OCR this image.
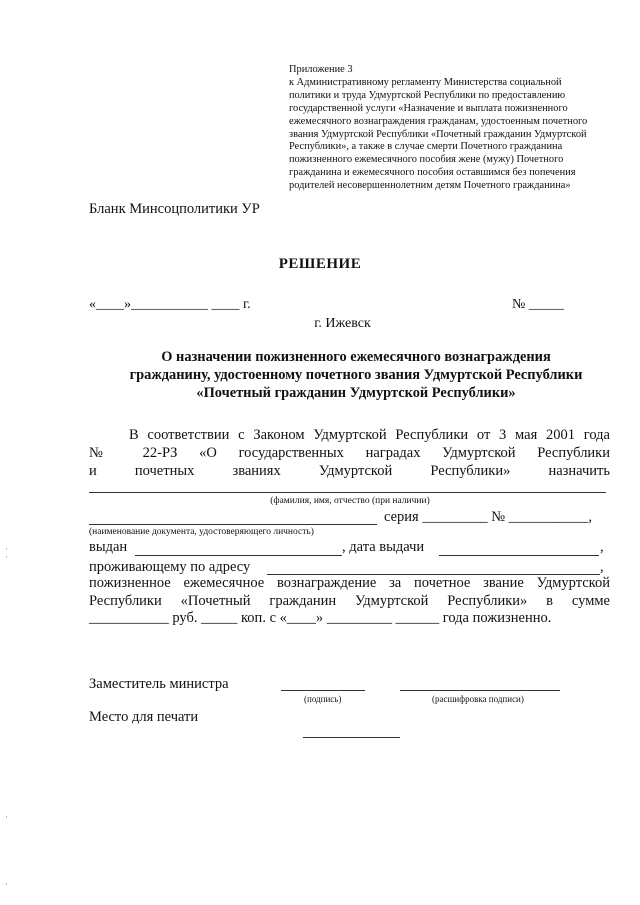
Приложение 3
к Административному регламенту Министерства социальной
политики и труда Удмуртской Республики по предоставлению
государственной услуги «Назначение и выплата пожизненного
ежемесячного вознаграждения гражданам, удостоенным почетного
звания Удмуртской Республики «Почетный гражданин Удмуртской
Республики», а также в случае смерти Почетного гражданина
пожизненного ежемесячного пособия жене (мужу) Почетного
гражданина и ежемесячного пособия оставшимся без попечения
родителей несовершеннолетним детям Почетного гражданина»
Бланк Минсоцполитики УР
РЕШЕНИЕ
«____»___________ ____ г.	№ _____
г. Ижевск
О назначении пожизненного ежемесячного вознаграждения
гражданину, удостоенному почетного звания Удмуртской Республики
«Почетный гражданин Удмуртской Республики»
В соответствии с Законом Удмуртской Республики от 3 мая 2001 года
№ 22-РЗ «О государственных наградах Удмуртской Республики
и почетных званиях Удмуртской Республики» назначить
(фамилия, имя, отчество (при наличии)
серия _________ № ___________,
(наименование документа, удостоверяющего личность)
выдан	, дата выдачи	,
проживающему по адресу	,
пожизненное ежемесячное вознаграждение за почетное звание Удмуртской
Республики «Почетный гражданин Удмуртской Республики» в сумме
___________ руб. _____ коп. с «____» _________ ______ года пожизненно.
Заместитель министра
(подпись)	(расшифровка подписи)
Место для печати
